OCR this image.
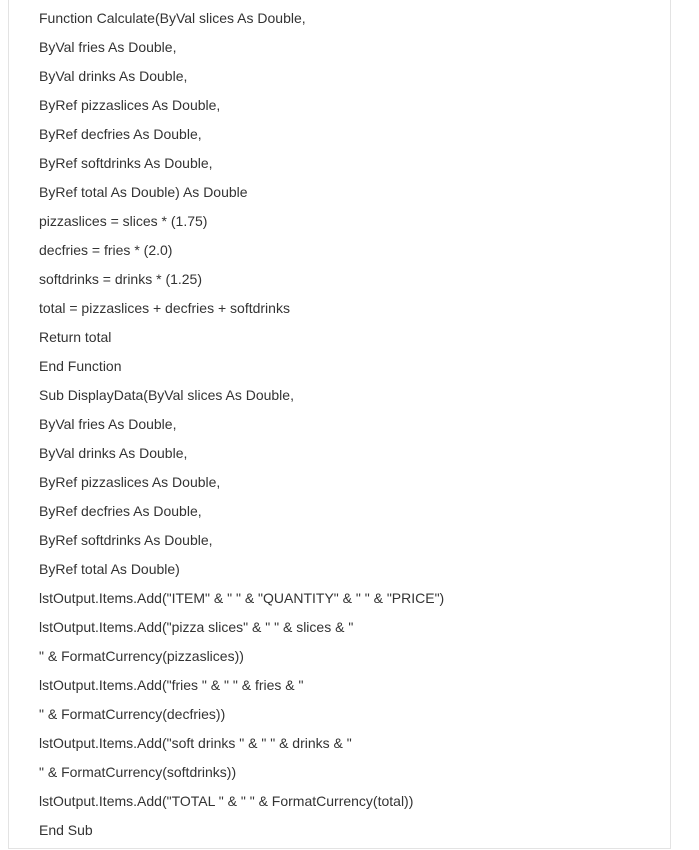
Function Calculate(ByVal slices As Double,
ByVal fries As Double,
ByVal drinks As Double,
ByRef pizzaslices As Double,
ByRef decfries As Double,
ByRef softdrinks As Double,
ByRef total As Double) As Double
pizzaslices = slices * (1.75)
decfries = fries * (2.0)
softdrinks = drinks * (1.25)
total = pizzaslices + decfries + softdrinks
Return total
End Function
Sub DisplayData(ByVal slices As Double,
ByVal fries As Double,
ByVal drinks As Double,
ByRef pizzaslices As Double,
ByRef decfries As Double,
ByRef softdrinks As Double,
ByRef total As Double)
lstOutput.Items.Add("ITEM" & " " & "QUANTITY" & " " & "PRICE")
lstOutput.Items.Add("pizza slices" & " " & slices & "
" & FormatCurrency(pizzaslices))
lstOutput.Items.Add("fries " & " " & fries & "
" & FormatCurrency(decfries))
lstOutput.Items.Add("soft drinks " & " " & drinks & "
" & FormatCurrency(softdrinks))
lstOutput.Items.Add("TOTAL " & " " & FormatCurrency(total))
End Sub
